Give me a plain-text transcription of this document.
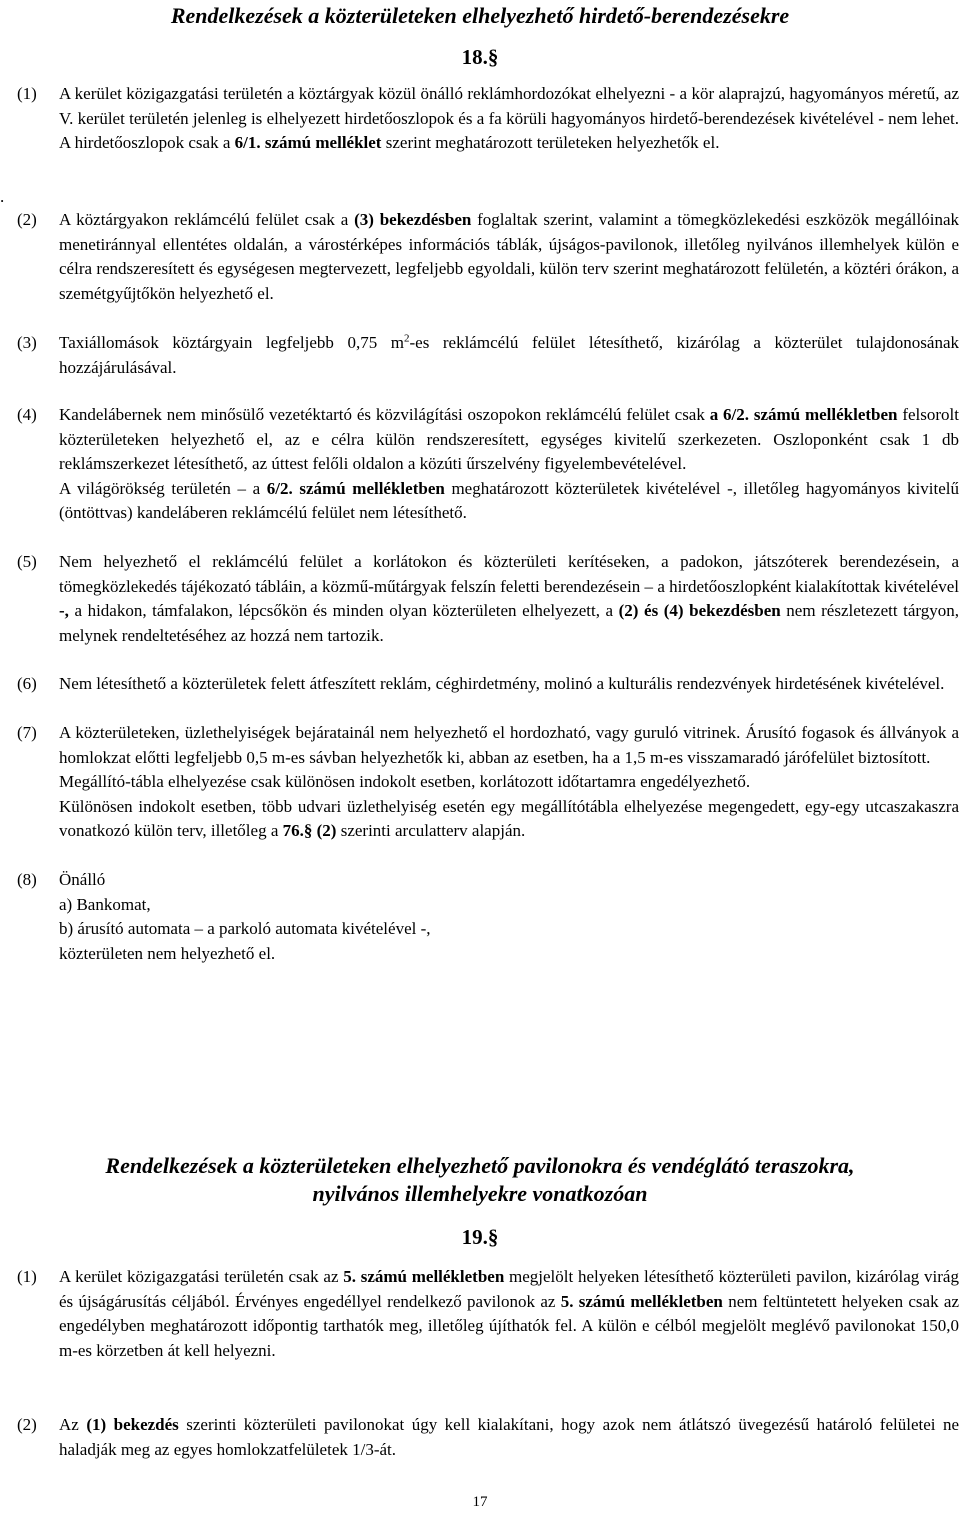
Rendelkezések a közterületeken elhelyezhető hirdető-berendezésekre
18.§
.
(1) A kerület közigazgatási területén a köztárgyak közül önálló reklámhordozókat elhelyezni - a kör alaprajzú, hagyományos méretű, az V. kerület területén jelenleg is elhelyezett hirdetőoszlopok és a fa körüli hagyományos hirdető-berendezések kivételével - nem lehet. A hirdetőoszlopok csak a 6/1. számú melléklet szerint meghatározott területeken helyezhetők el.
(2) A köztárgyakon reklámcélú felület csak a (3) bekezdésben foglaltak szerint, valamint a tömegközlekedési eszközök megállóinak menetiránnyal ellentétes oldalán, a várostérképes információs táblák, újságos-pavilonok, illetőleg nyilvános illemhelyek külön e célra rendszeresített és egységesen megtervezett, legfeljebb egyoldali, külön terv szerint meghatározott felületén, a köztéri órákon, a szemétgyűjtőkön helyezhető el.
(3) Taxiállomások köztárgyain legfeljebb 0,75 $m^2-es$ reklámcélú felület létesíthető, kizárólag a közterület tulajdonosának hozzájárulásával.
(4) Kandelábernek nem minősülő vezetéktartó és közvilágítási oszopokon reklámcélú felület csak a 6/2. számú mellékletben felsorolt közterületeken helyezhető el, az e célra külön rendszeresített, egységes kivitelű szerkezeten. Oszloponként csak 1 db reklámszerkezet létesíthető, az úttest felőli oldalon a közúti űrszelvény figyelembevételével.

A világörökség területén – a 6/2. számú mellékletben meghatározott közterületek kivételével -, illetőleg hagyományos kivitelű (öntöttvas) kandeláberen reklámcélú felület nem létesíthető.

(5) Nem helyezhető el reklámcélú felület a korlátokon és közterületi kerítéseken, a padokon, játszóterek berendezésein, a tömegközlekedés tájékozató tábláin, a közmű-műtárgyak felszín feletti berendezésein – a hirdetőoszlopként kialakítottak kivételével -, a hidakon, támfalakon, lépcsőkön és minden olyan közterületen elhelyezett, a (2) és (4) bekezdésben nem részletezett tárgyon, melynek rendeltetéséhez az hozzá nem tartozik.
(6) Nem létesíthető a közterületek felett átfeszített reklám, céghirdetmény, molinó a kulturális rendezvények hirdetésének kivételével.
(7) A közterületeken, üzlethelyiségek bejáratainál nem helyezhető el hordozható, vagy guruló vitrinek. Árusító fogasok és állványok a homlokzat előtti legfeljebb 0,5 m-es sávban helyezhetők ki, abban az esetben, ha a 1,5 m-es visszamaradó járófelület biztosított.

Megállító-tábla elhelyezése csak különösen indokolt esetben, korlátozott időtartamra engedélyezhető.

Különösen indokolt esetben, több udvari üzlethelyiség esetén egy megállítótábla elhelyezése megengedett, egy-egy utcaszakaszra vonatkozó külön terv, illetőleg a 76.§ (2) szerinti arculatterv alapján.

(8) Önálló
a) Bankomat,
b) árusító automata – a parkoló automata kivételével -,
közterületen nem helyezhető el.
Rendelkezések a közterületeken elhelyezhető pavilonokra és vendéglátó teraszokra,
nyilvános illemhelyekre vonatkozóan
19.§
(1) A kerület közigazgatási területén csak az 5. számú mellékletben megjelölt helyeken létesíthető közterületi pavilon, kizárólag virág és újságárusítás céljából. Érvényes engedéllyel rendelkező pavilonok az 5. számú mellékletben nem feltüntetett helyeken csak az engedélyben meghatározott időpontig tarthatók meg, illetőleg újíthatók fel. A külön e célból megjelölt meglévő pavilonokat 150,0 m-es körzetben át kell helyezni.
(2) Az (1) bekezdés szerinti közterületi pavilonokat úgy kell kialakítani, hogy azok nem átlátszó üvegezésű határoló felületei ne haladják meg az egyes homlokzatfelületek 1/3-át.
17
